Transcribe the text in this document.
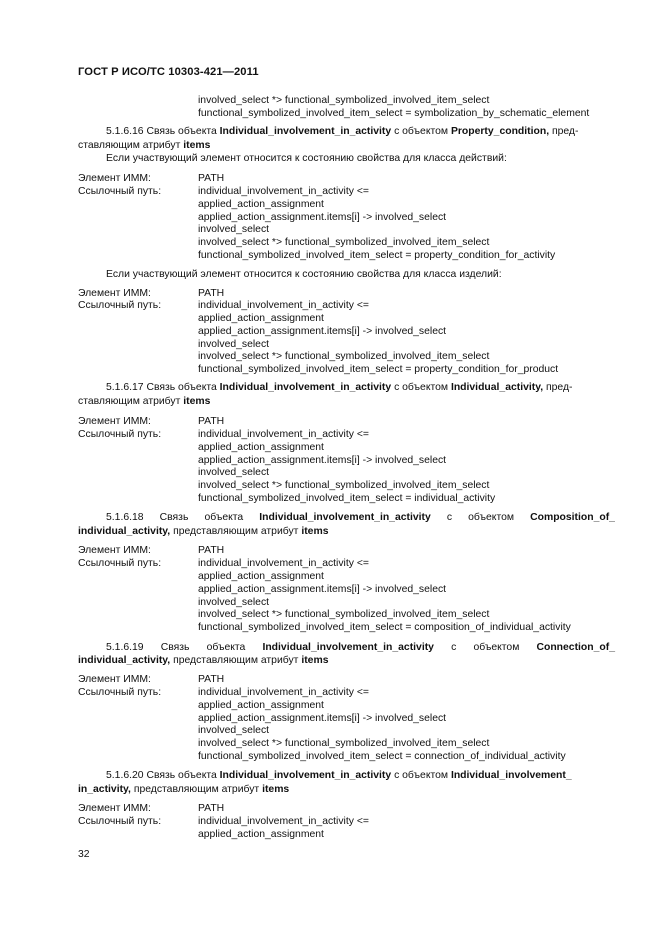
ГОСТ Р ИСО/ТС 10303-421—2011
involved_select *> functional_symbolized_involved_item_select
functional_symbolized_involved_item_select = symbolization_by_schematic_element
5.1.6.16 Связь объекта Individual_involvement_in_activity с объектом Property_condition, пред-
ставляющим атрибут items
Если участвующий элемент относится к состоянию свойства для класса действий:
Элемент ИММ:	PATH
Ссылочный путь:	individual_involvement_in_activity <=
applied_action_assignment
applied_action_assignment.items[i] -> involved_select
involved_select
involved_select *> functional_symbolized_involved_item_select
functional_symbolized_involved_item_select = property_condition_for_activity
Если участвующий элемент относится к состоянию свойства для класса изделий:
Элемент ИММ:	PATH
Ссылочный путь:	individual_involvement_in_activity <=
applied_action_assignment
applied_action_assignment.items[i] -> involved_select
involved_select
involved_select *> functional_symbolized_involved_item_select
functional_symbolized_involved_item_select = property_condition_for_product
5.1.6.17 Связь объекта Individual_involvement_in_activity с объектом Individual_activity, пред-
ставляющим атрибут items
Элемент ИММ:	PATH
Ссылочный путь:	individual_involvement_in_activity <=
applied_action_assignment
applied_action_assignment.items[i] -> involved_select
involved_select
involved_select *> functional_symbolized_involved_item_select
functional_symbolized_involved_item_select = individual_activity
5.1.6.18 Связь объекта Individual_involvement_in_activity с объектом Composition_of_
individual_activity, представляющим атрибут items
Элемент ИММ:	PATH
Ссылочный путь:	individual_involvement_in_activity <=
applied_action_assignment
applied_action_assignment.items[i] -> involved_select
involved_select
involved_select *> functional_symbolized_involved_item_select
functional_symbolized_involved_item_select = composition_of_individual_activity
5.1.6.19 Связь объекта Individual_involvement_in_activity с объектом Connection_of_
individual_activity, представляющим атрибут items
Элемент ИММ:	PATH
Ссылочный путь:	individual_involvement_in_activity <=
applied_action_assignment
applied_action_assignment.items[i] -> involved_select
involved_select
involved_select *> functional_symbolized_involved_item_select
functional_symbolized_involved_item_select = connection_of_individual_activity
5.1.6.20 Связь объекта Individual_involvement_in_activity с объектом Individual_involvement_
in_activity, представляющим атрибут items
Элемент ИММ:	PATH
Ссылочный путь:	individual_involvement_in_activity <=
applied_action_assignment
32
